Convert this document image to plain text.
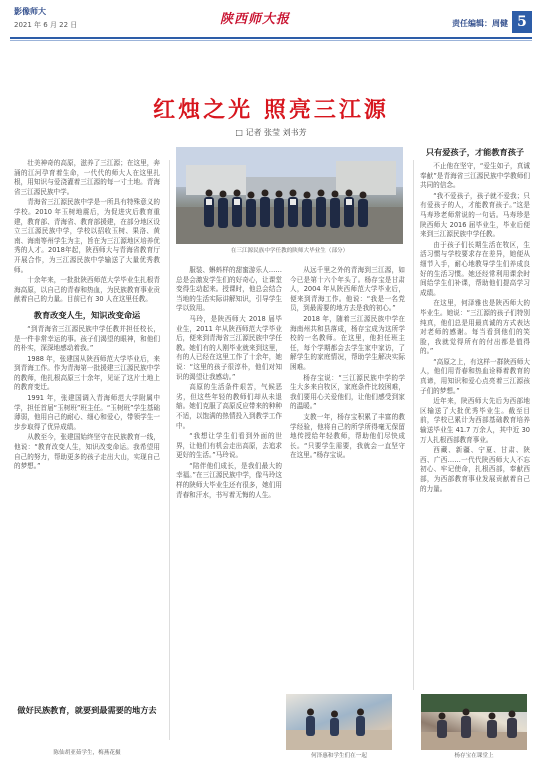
影像师大
2021 年 6 月 22 日	陕西师大报	责任编辑：周健 5
红烛之光 照亮三江源
□ 记者 张莹 刘书芳
在三江源民族中学任教的陕师大毕业生（部分）

壮美神奇的高原，滋养了三江源；在这里，奔涌的江河孕育着生命，一代代的师大人在这里扎根，用知识与爱浇灌着三江源的每一寸土地。青海省三江源民族中学。

青海省三江源民族中学是一所具有特殊意义的学校。2010 年玉树地震后，为促进灾后教育重建，教育部、青海省、教育部援建，在部分地区设立三江源民族中学，学校以招收玉树、果洛、黄南、海南等州学生为主，旨在为三江源地区培养优秀的人才。2018年起，陕西师大与青海省教育厅开展合作，为三江源民族中学输送了大量优秀教师。

十余年来，一批批陕西师范大学毕业生扎根青海高原，以自己的青春和热血，为民族教育事业贡献着自己的力量。目前已有 30 人在这里任教。

教育改变人生，知识改变命运

“到青海省三江源民族中学任教并担任校长，是一件非常幸运的事。孩子们渴望的眼神，和他们的朴实，深深地感动着我。”

1988 年，张建国从陕西师范大学毕业后，来到青海工作。作为青海第一批援建三江源民族中学的教师，他扎根高原三十余年，见证了这片土地上的教育变迁。

1991 年，张建国调入青海师范大学附属中学，担任首届“玉树班”班主任。“玉树班”学生基础薄弱，他用自己的耐心、细心和爱心，带领学生一步步取得了优异成绩。

从教至今，张建国始终坚守在民族教育一线，他说：“教育改变人生，知识改变命运。我希望用自己的努力，帮助更多的孩子走出大山，实现自己的梦想。”

做好民族教育，就要到最需要的地方去

服装、蝌蚪样的甜蜜游乐人……总是会激发学生们的好奇心，让课堂变得生动起来。授课时，他总会结合当地的生活实际讲解知识，引导学生学以致用。

马玲，是陕西师大 2018 届毕业生，2011 年从陕西师范大学毕业后，便来到青海省三江源民族中学任教。她们有的人刚毕业就来到这里，有的人已经在这里工作了十余年，她说：“这里的孩子很淳朴，他们对知识的渴望让我感动。”

高原的生活条件艰苦，气候恶劣，但这些年轻的教师们却从未退缩。她们克服了高原反应带来的种种不适，以饱满的热情投入到教学工作中。

“我想让学生们看到外面的世界，让他们有机会走出高原，去追求更好的生活。”马玲说。

“陪伴他们成长，是我们最大的幸福。”在三江源民族中学，像马玲这样的陕师大毕业生还有很多，她们用青春和汗水，书写着无悔的人生。

从远千里之外的青海到三江源，如今已是第十六个年头了。杨存宝是甘肃人，2004 年从陕西师范大学毕业后，便来到青海工作。他说：“我是一名党员，到最需要的地方去是我的初心。”

2018 年，随着三江源民族中学在海南州共和县落成，杨存宝成为这所学校的一名教师。在这里，他担任班主任，每个学期都会去学生家中家访，了解学生的家庭情况，帮助学生解决实际困难。

杨存宝说：“三江源民族中学的学生大多来自牧区，家庭条件比较困难，我们要用心关爱他们，让他们感受到家的温暖。”

支教一年，杨存宝积累了丰富的教学经验，他将自己的所学所得毫无保留地传授给年轻教师，帮助他们尽快成长。“只要学生需要，我就会一直坚守在这里。”杨存宝说。

只有爱孩子，才能教育孩子

不止他在坚守，“爱生如子，真诚奉献”是青海省三江源民族中学教师们共同的信念。

“我不爱孩子，孩子就不爱我；只有爱孩子的人，才能教育孩子。”这是马寿珍老师常说的一句话。马寿珍是陕西师大 2016 届毕业生，毕业后便来到三江源民族中学任教。

由于孩子们长期生活在牧区，生活习惯与学校要求存在差异，她便从细节入手，耐心地教导学生们养成良好的生活习惯。她还经常利用课余时间给学生们补课，帮助他们提高学习成绩。

在这里，何泽雅也是陕西师大的毕业生。她说：“三江源的孩子们特别纯真，他们总是用最真诚的方式表达对老师的感谢。每当看到他们的笑脸，我就觉得所有的付出都是值得的。”

“高原之上，有这样一群陕西师大人，他们用青春和热血诠释着教育的真谛，用知识和爱心点亮着三江源孩子们的梦想。”

近年来，陕西师大先后为西部地区输送了大批优秀毕业生。截至目前，学校已累计为西部基础教育培养输送毕业生 41.7 万余人，其中近 30 万人扎根西部教育事业。

西藏、新疆、宁夏、甘肃、陕西、广西……一代代陕西师大人不忘初心、牢记使命，扎根西部，奉献西部，为西部教育事业发展贡献着自己的力量。

陈仙胡亚茹学生，梅燕花摄	何泽惠和学生们在一起	杨存宝在课堂上
